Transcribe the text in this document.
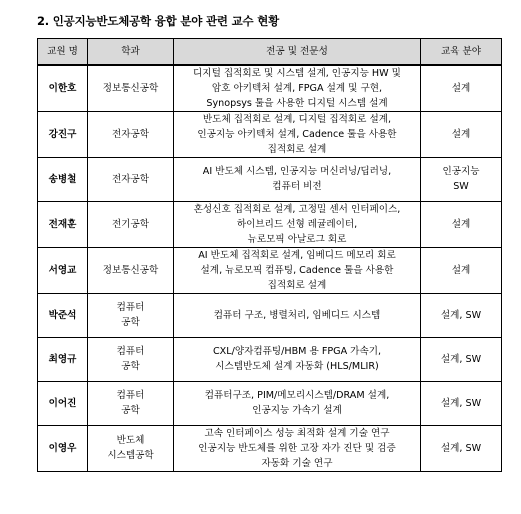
2. 인공지능반도체공학 융합 분야 관련 교수 현황
교원 명	학과	전공 및 전문성	교육 분야
이한호	정보통신공학	디지털 집적회로 및 시스템 설계, 인공지능 HW 및
암호 아키텍처 설계, FPGA 설계 및 구현,
Synopsys 툴을 사용한 디지털 시스템 설계	설계

강진구	전자공학	반도체 집적회로 설계, 디지털 집적회로 설계,
인공지능 아키텍처 설계, Cadence 툴을 사용한
집적회로 설계	설계

송병철	전자공학	AI 반도체 시스템, 인공지능 머신러닝/딥러닝,
컴퓨터 비전	인공지능
SW

전재훈	전기공학	혼성신호 집적회로 설계, 고정밀 센서 인터페이스,
하이브리드 선형 레귤레이터,
뉴로모픽 아날로그 회로	설계

서영교	정보통신공학	AI 반도체 집적회로 설계, 임베디드 메모리 회로
설계, 뉴로모픽 컴퓨팅, Cadence 툴을 사용한
집적회로 설계	설계

박준석	컴퓨터
공학	컴퓨터 구조, 병렬처리, 임베디드 시스템	설계, SW

최영규	컴퓨터
공학	CXL/양자컴퓨팅/HBM 용 FPGA 가속기,
시스템반도체 설계 자동화 (HLS/MLIR)	설계, SW

이어진	컴퓨터
공학	컴퓨터구조, PIM/메모리시스템/DRAM 설계,
인공지능 가속기 설계	설계, SW

이영우	반도체
시스템공학	고속 인터페이스 성능 최적화 설계 기술 연구
인공지능 반도체를 위한 고장 자가 진단 및 검증
자동화 기술 연구	설계, SW
